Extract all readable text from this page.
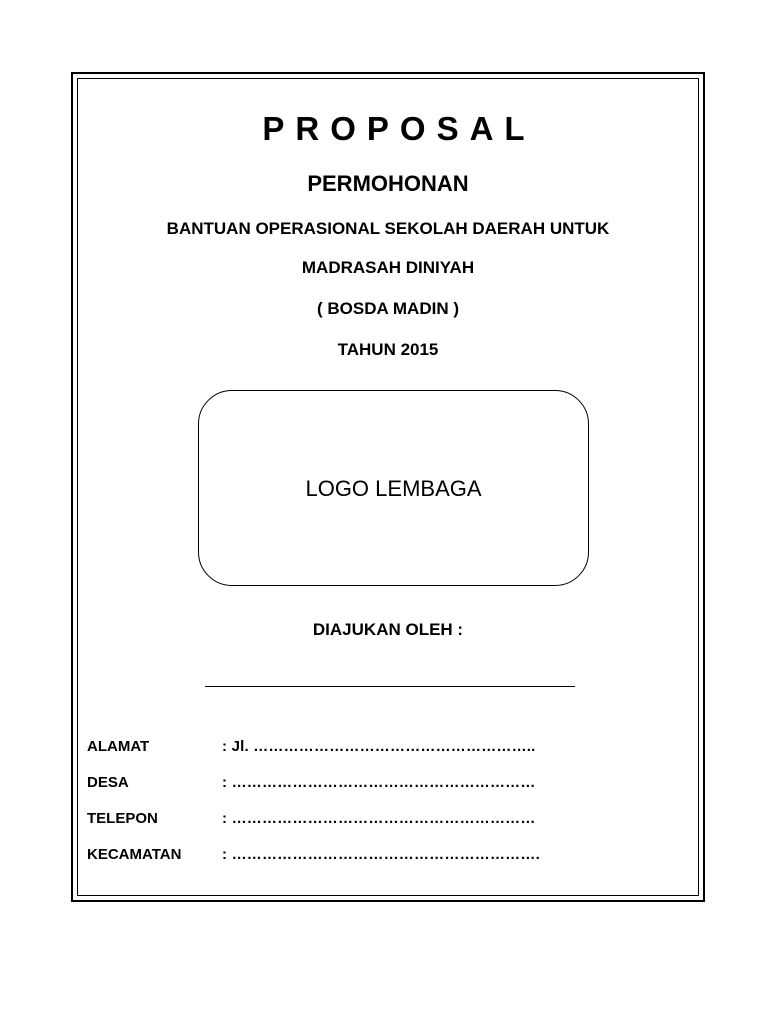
PROPOSAL
PERMOHONAN
BANTUAN OPERASIONAL SEKOLAH DAERAH UNTUK
MADRASAH DINIYAH
( BOSDA MADIN )
TAHUN 2015
LOGO LEMBAGA
DIAJUKAN OLEH :
ALAMAT	: Jl. ………………………………………………..
DESA	: ……………………………………………………
TELEPON	: ……………………………………………………
KECAMATAN	: …………………………………………………….
